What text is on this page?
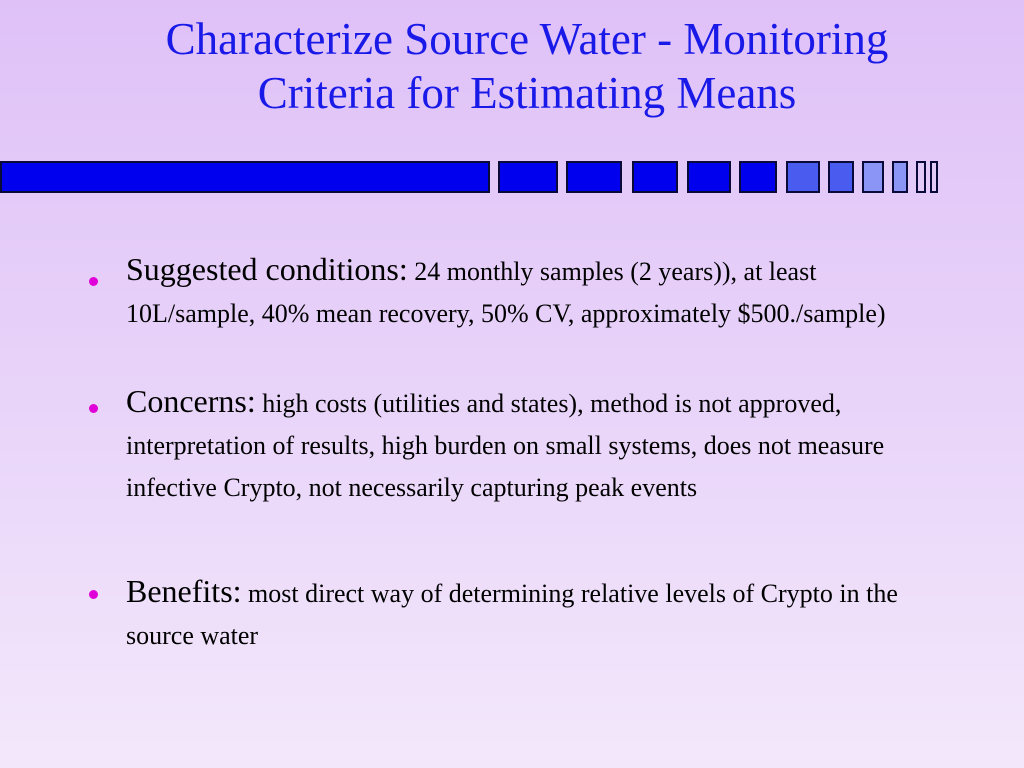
Characterize Source Water - Monitoring
Criteria for Estimating Means

Suggested conditions: 24 monthly samples (2 years)), at least 10L/sample, 40% mean recovery, 50% CV, approximately $500./sample)

Concerns: high costs (utilities and states), method is not approved, interpretation of results, high burden on small systems, does not measure infective Crypto, not necessarily capturing peak events

Benefits: most direct way of determining relative levels of Crypto in the source water
